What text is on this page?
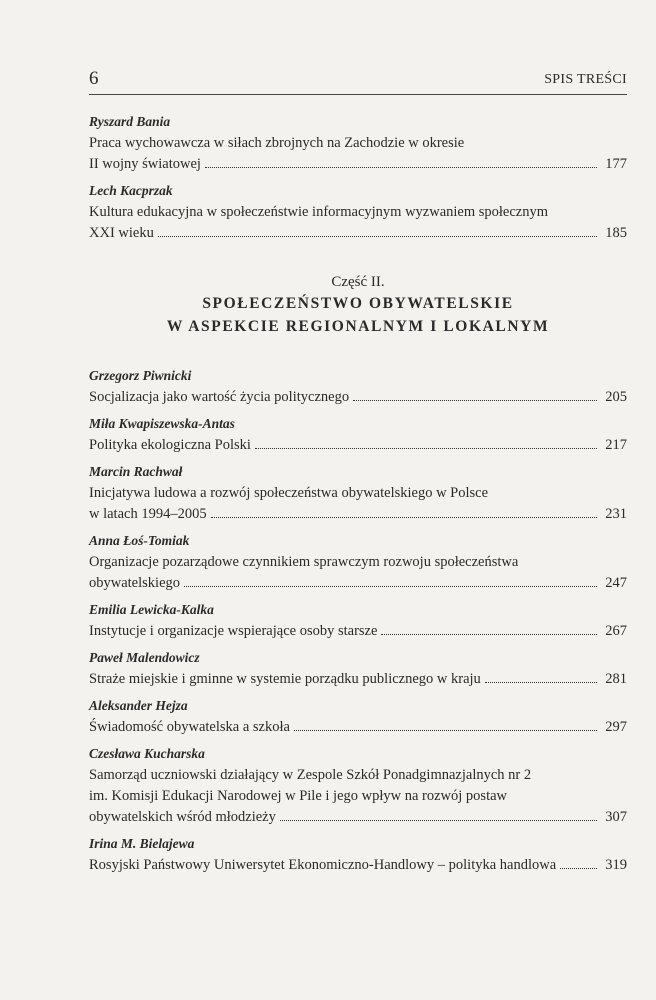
6	SPIS TREŚCI
Ryszard Bania
Praca wychowawcza w siłach zbrojnych na Zachodzie w okresie
II wojny światowej	177
Lech Kacprzak
Kultura edukacyjna w społeczeństwie informacyjnym wyzwaniem społecznym
XXI wieku	185
Część II.
SPOŁECZEŃSTWO OBYWATELSKIE
W ASPEKCIE REGIONALNYM I LOKALNYM
Grzegorz Piwnicki
Socjalizacja jako wartość życia politycznego	205
Miła Kwapiszewska-Antas
Polityka ekologiczna Polski	217
Marcin Rachwał
Inicjatywa ludowa a rozwój społeczeństwa obywatelskiego w Polsce
w latach 1994–2005	231
Anna Łoś-Tomiak
Organizacje pozarządowe czynnikiem sprawczym rozwoju społeczeństwa
obywatelskiego	247
Emilia Lewicka-Kalka
Instytucje i organizacje wspierające osoby starsze	267
Paweł Malendowicz
Straże miejskie i gminne w systemie porządku publicznego w kraju	281
Aleksander Hejza
Świadomość obywatelska a szkoła	297
Czesława Kucharska
Samorząd uczniowski działający w Zespole Szkół Ponadgimnazjalnych nr 2
im. Komisji Edukacji Narodowej w Pile i jego wpływ na rozwój postaw
obywatelskich wśród młodzieży	307
Irina M. Bielajewa
Rosyjski Państwowy Uniwersytet Ekonomiczno-Handlowy – polityka handlowa	319
